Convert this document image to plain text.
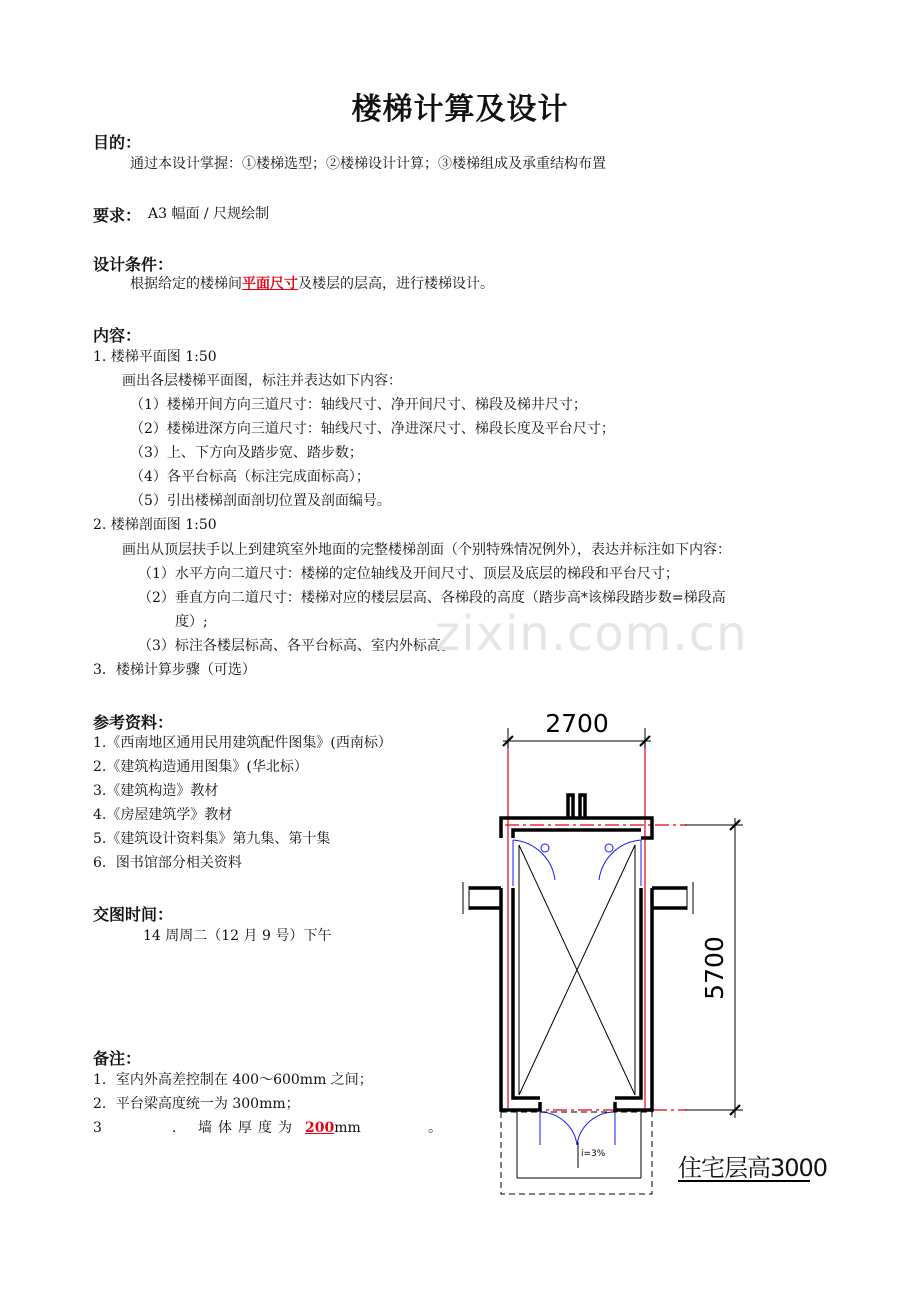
楼梯计算及设计
目的：
通过本设计掌握：①楼梯选型；②楼梯设计计算；③楼梯组成及承重结构布置
要求： A3 幅面 / 尺规绘制
设计条件：
根据给定的楼梯间平面尺寸及楼层的层高，进行楼梯设计。
内容：
1. 楼梯平面图 1:50
画出各层楼梯平面图，标注并表达如下内容：
（1）楼梯开间方向三道尺寸：轴线尺寸、净开间尺寸、梯段及梯井尺寸；
（2）楼梯进深方向三道尺寸：轴线尺寸、净进深尺寸、梯段长度及平台尺寸；
（3）上、下方向及踏步宽、踏步数；
（4）各平台标高（标注完成面标高）；
（5）引出楼梯剖面剖切位置及剖面编号。
2. 楼梯剖面图 1:50
画出从顶层扶手以上到建筑室外地面的完整楼梯剖面（个别特殊情况例外），表达并标注如下内容：
（1）水平方向二道尺寸：楼梯的定位轴线及开间尺寸、顶层及底层的梯段和平台尺寸；
（2）垂直方向二道尺寸：楼梯对应的楼层层高、各梯段的高度（踏步高*该梯段踏步数=梯段高
度）;
（3）标注各楼层标高、各平台标高、室内外标高。
3．楼梯计算步骤（可选）
zixin.com.cn
参考资料：
1.《西南地区通用民用建筑配件图集》(西南标）
2.《建筑构造通用图集》(华北标）
3.《建筑构造》教材
4.《房屋建筑学》教材
5.《建筑设计资料集》第九集、第十集
6．图书馆部分相关资料
交图时间：
14 周周二（12 月 9 号）下午
备注：
1．室内外高差控制在 400～600mm 之间；
2．平台梁高度统一为 300mm；
3	． 墙体厚度为 200mm	。
2700
5700
i=3%	住宅层高3000
